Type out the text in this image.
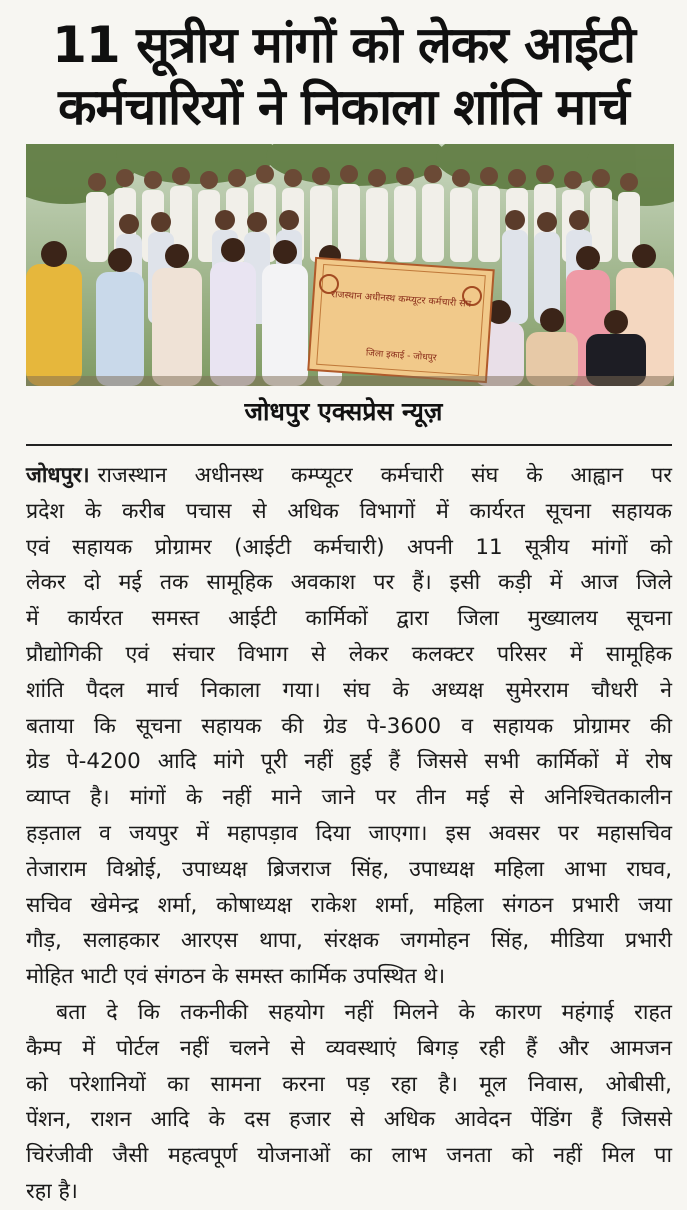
11 सूत्रीय मांगों को लेकर आईटी
कर्मचारियों ने निकाला शांति मार्च
राजस्थान अधीनस्थ कम्प्यूटर कर्मचारी संघ
जिला इकाई - जोधपुर
जोधपुर एक्सप्रेस न्यूज़
जोधपुर। राजस्थान अधीनस्थ कम्प्यूटर कर्मचारी संघ के आह्वान पर
प्रदेश के करीब पचास से अधिक विभागों में कार्यरत सूचना सहायक
एवं सहायक प्रोग्रामर (आईटी कर्मचारी) अपनी 11 सूत्रीय मांगों को
लेकर दो मई तक सामूहिक अवकाश पर हैं। इसी कड़ी में आज जिले
में कार्यरत समस्त आईटी कार्मिकों द्वारा जिला मुख्यालय सूचना
प्रौद्योगिकी एवं संचार विभाग से लेकर कलक्टर परिसर में सामूहिक
शांति पैदल मार्च निकाला गया। संघ के अध्यक्ष सुमेरराम चौधरी ने
बताया कि सूचना सहायक की ग्रेड पे-3600 व सहायक प्रोग्रामर की
ग्रेड पे-4200 आदि मांगे पूरी नहीं हुई हैं जिससे सभी कार्मिकों में रोष
व्याप्त है। मांगों के नहीं माने जाने पर तीन मई से अनिश्चितकालीन
हड़ताल व जयपुर में महापड़ाव दिया जाएगा। इस अवसर पर महासचिव
तेजाराम विश्नोई, उपाध्यक्ष ब्रिजराज सिंह, उपाध्यक्ष महिला आभा राघव,
सचिव खेमेन्द्र शर्मा, कोषाध्यक्ष राकेश शर्मा, महिला संगठन प्रभारी जया
गौड़, सलाहकार आरएस थापा, संरक्षक जगमोहन सिंह, मीडिया प्रभारी
मोहित भाटी एवं संगठन के समस्त कार्मिक उपस्थित थे।
बता दे कि तकनीकी सहयोग नहीं मिलने के कारण महंगाई राहत
कैम्प में पोर्टल नहीं चलने से व्यवस्थाएं बिगड़ रही हैं और आमजन
को परेशानियों का सामना करना पड़ रहा है। मूल निवास, ओबीसी,
पेंशन, राशन आदि के दस हजार से अधिक आवेदन पेंडिंग हैं जिससे
चिरंजीवी जैसी महत्वपूर्ण योजनाओं का लाभ जनता को नहीं मिल पा
रहा है।
